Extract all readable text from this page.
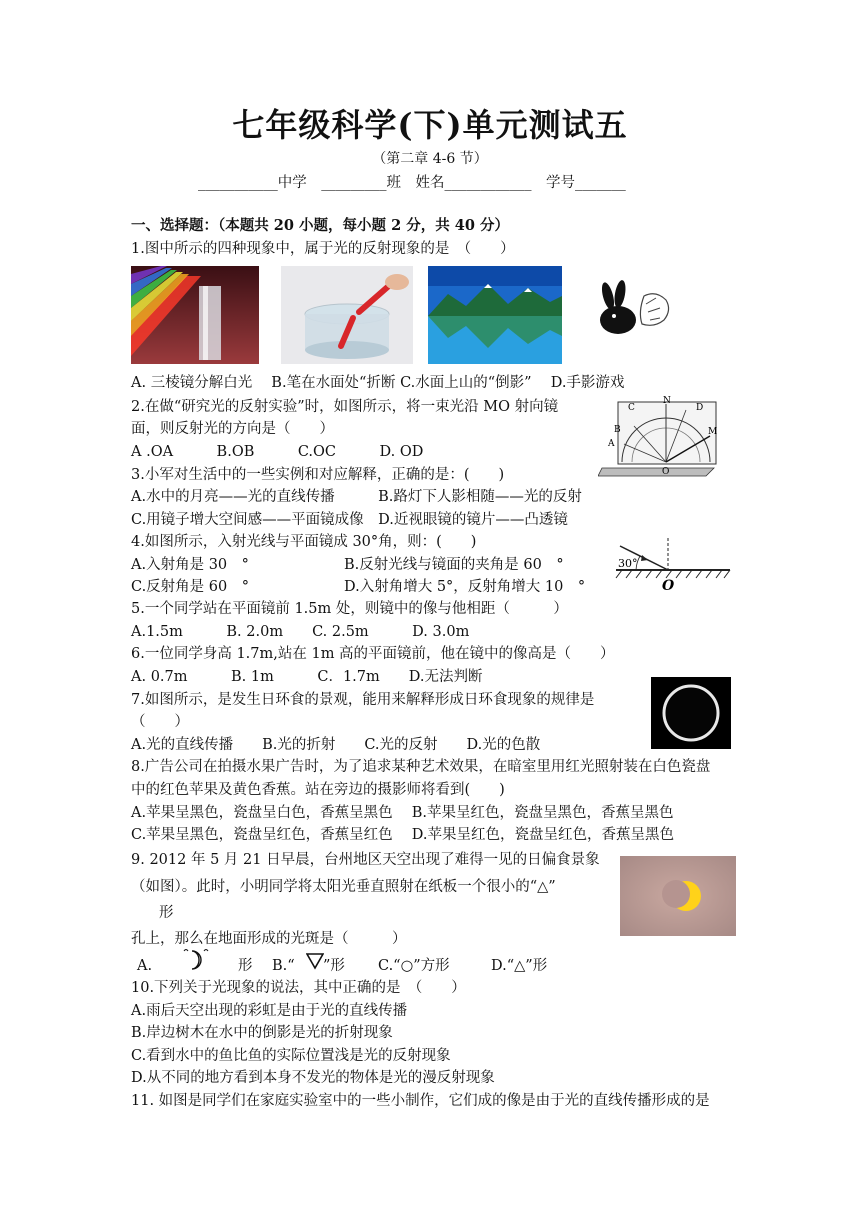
七年级科学(下)单元测试五
（第二章 4-6 节）
___________中学　_________班　姓名____________　学号_______
一、选择题：（本题共 20 小题，每小题 2 分，共 40 分）
1.图中所示的四种现象中，属于光的反射现象的是　（　　）
A. 三棱镜分解白光　 B.笔在水面处“折断 C.水面上山的“倒影”　 D.手影游戏
2.在做“研究光的反射实验”时，如图所示，将一束光沿 MO 射向镜
面，则反射光的方向是（　　）
A .OA　　　B.OB　　　C.OC　　　D. OD
C
N
D
B
A
M
O
3.小军对生活中的一些实例和对应解释，正确的是：(　　)
A.水中的月亮——光的直线传播　　　B.路灯下人影相随——光的反射
C.用镜子增大空间感——平面镜成像　D.近视眼镜的镜片——凸透镜
4.如图所示，入射光线与平面镜成 30°角，则：(　　)
A.入射角是 30　°	B.反射光线与镜面的夹角是 60　°
C.反射角是 60　°	D.入射角增大 5°，反射角增大 10　°
30°
O
5.一个同学站在平面镜前 1.5m 处，则镜中的像与他相距（　　　）
A.1.5m　　　B. 2.0m　　C. 2.5m　　　D. 3.0m
6.一位同学身高 1.7m,站在 1m 高的平面镜前，他在镜中的像高是（　　）
A. 0.7m　　　B. 1m　　　C．1.7m　　D.无法判断
7.如图所示，是发生日环食的景观，能用来解释形成日环食现象的规律是
（　　）
A.光的直线传播　　B.光的折射　　C.光的反射　　D.光的色散
8.广告公司在拍摄水果广告时，为了追求某种艺术效果，在暗室里用红光照射装在白色瓷盘
中的红色苹果及黄色香蕉。站在旁边的摄影师将看到(　　)
A.苹果呈黑色，瓷盘呈白色，香蕉呈黑色　 B.苹果呈红色，瓷盘呈黑色，香蕉呈黑色
C.苹果呈黑色，瓷盘呈红色，香蕉呈红色　 D.苹果呈红色，瓷盘呈红色，香蕉呈黑色
9. 2012 年 5 月 21 日早晨，台州地区天空出现了难得一见的日偏食景象
（如图）。此时，小明同学将太阳光垂直照射在纸板一个很小的“△”
形
孔上，那么在地面形成的光斑是（　　　）
A.	形 B.“ ”形 C.“○”方形	D.“△”形
10.下列关于光现象的说法，其中正确的是　（　　）
A.雨后天空出现的彩虹是由于光的直线传播
B.岸边树木在水中的倒影是光的折射现象
C.看到水中的鱼比鱼的实际位置浅是光的反射现象
D.从不同的地方看到本身不发光的物体是光的漫反射现象
11. 如图是同学们在家庭实验室中的一些小制作，它们成的像是由于光的直线传播形成的是
